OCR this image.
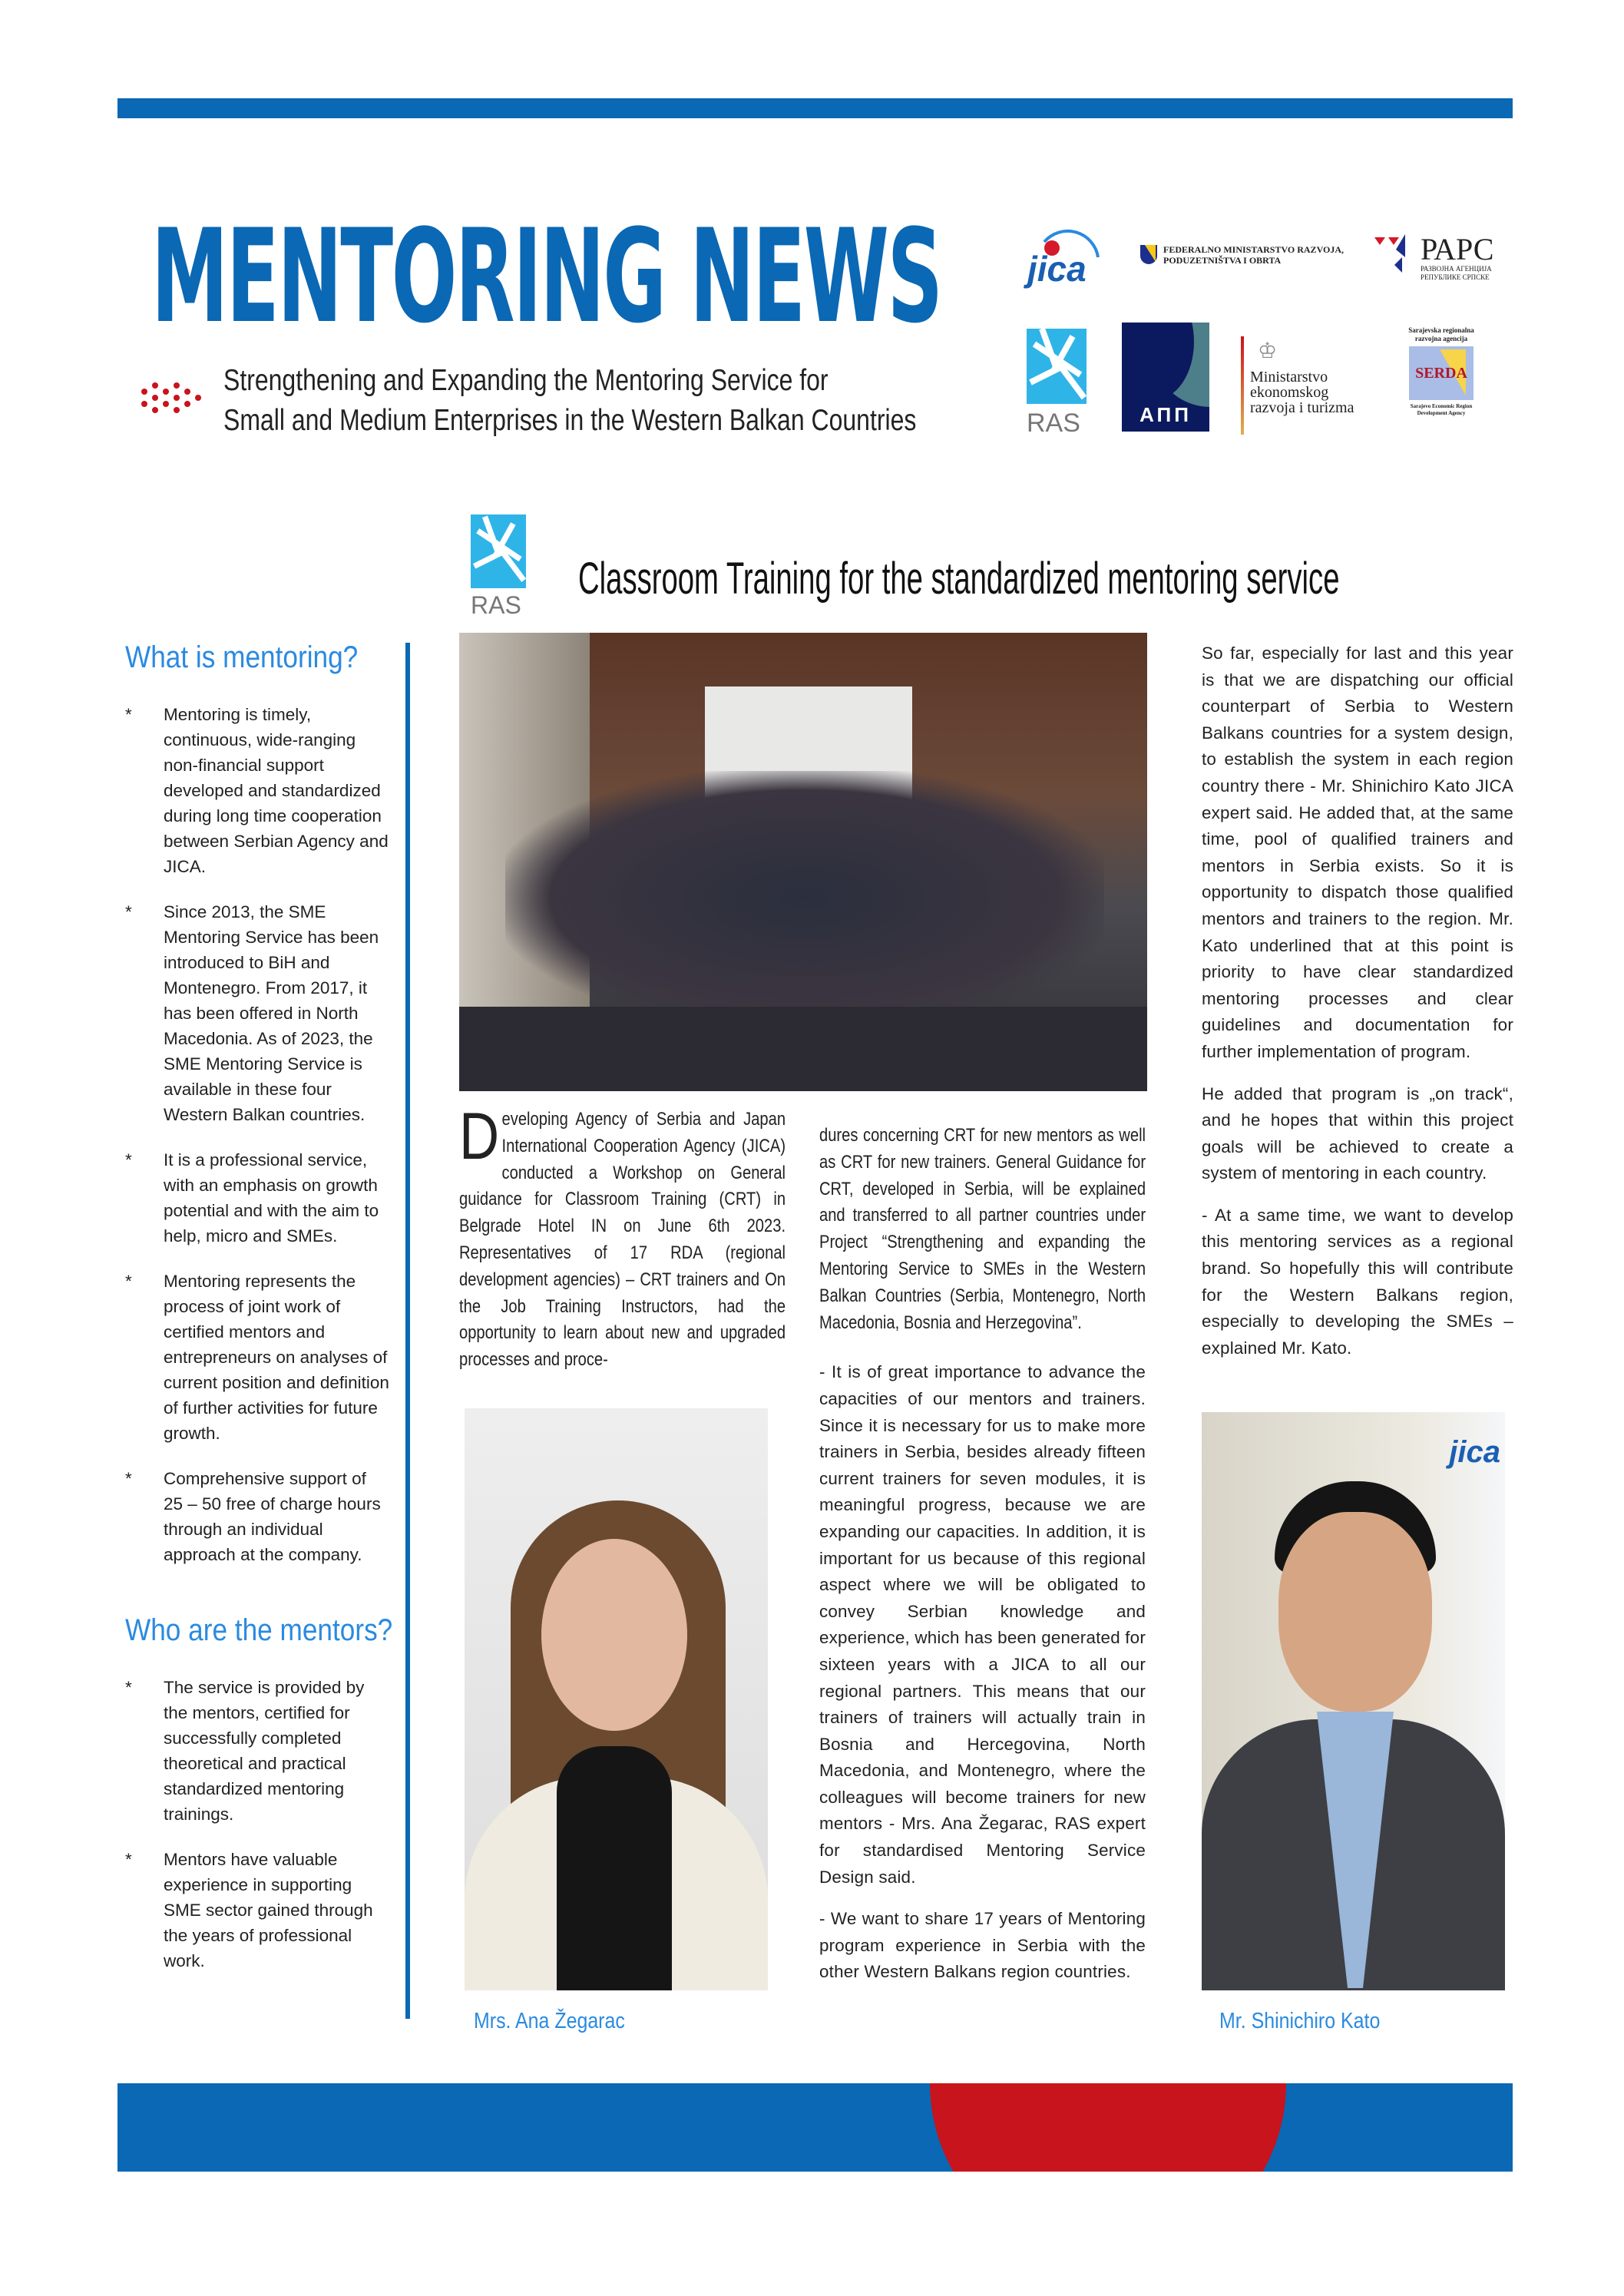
MENTORING NEWS
Strengthening and Expanding the Mentoring Service for
Small and Medium Enterprises in the Western Balkan Countries
jica	FEDERALNO MINISTARSTVO RAZVOJA, PODUZETNIŠTVA I OBRTA	РАРС
РАЗВОЈНА АГЕНЦИЈА РЕПУБЛИКЕ СРПСКЕ
RAS	АПП
♔
Ministarstvo
ekonomskog
razvoja i turizma
Sarajevska regionalna razvojna agencija
SERDA
Sarajevo Economic Region Development Agency
RAS
Classroom Training for the standardized mentoring service
What is mentoring?
* Mentoring is timely, continuous, wide-ranging non-financial support developed and standardized during long time cooperation between Serbian Agency and JICA.
* Since 2013, the SME Mentoring Service has been introduced to BiH and Montenegro. From 2017, it has been offered in North Macedonia. As of 2023, the SME Mentoring Service is available in these four Western Balkan countries.
* It is a professional service, with an emphasis on growth potential and with the aim to help, micro and SMEs.
* Mentoring represents the process of joint work of certified mentors and entrepreneurs on analyses of current position and definition of further activities for future growth.
* Comprehensive support of 25 – 50 free of charge hours through an individual approach at the company.
Who are the mentors?
* The service is provided by the mentors, certified for successfully completed theoretical and practical standardized mentoring trainings.
* Mentors have valuable experience in supporting SME sector gained through the years of professional work.
Developing Agency of Serbia and Japan International Cooperation Agency (JICA) conducted a Workshop on General guidance for Classroom Training (CRT) in Belgrade Hotel IN on June 6th 2023. Representatives of 17 RDA (regional development agencies) – CRT trainers and On the Job Training Instructors, had the opportunity to learn about new and upgraded processes and proce-
dures concerning CRT for new mentors as well as CRT for new trainers. General Guidance for CRT, developed in Serbia, will be explained and transferred to all partner countries under Project “Strengthening and expanding the Mentoring Service to SMEs in the Western Balkan Countries (Serbia, Montenegro, North Macedonia, Bosnia and Herzegovina”.

- It is of great importance to advance the capacities of our mentors and trainers. Since it is necessary for us to make more trainers in Serbia, besides already fifteen current trainers for seven modules, it is meaningful progress, because we are expanding our capacities. In addition, it is important for us because of this regional aspect where we will be obligated to convey Serbian knowledge and experience, which has been generated for sixteen years with a JICA to all our regional partners. This means that our trainers of trainers will actually train in Bosnia and Hercegovina, North Macedonia, and Montenegro, where the colleagues will become trainers for new mentors - Mrs. Ana Žegarac, RAS expert for standardised Mentoring Service Design said.

- We want to share 17 years of Mentoring program experience in Serbia with the other Western Balkans region countries.

So far, especially for last and this year is that we are dispatching our official counterpart of Serbia to Western Balkans countries for a system design, to establish the system in each region country there - Mr. Shinichiro Kato JICA expert said. He added that, at the same time, pool of qualified trainers and mentors in Serbia exists. So it is opportunity to dispatch those qualified mentors and trainers to the region. Mr. Kato underlined that at this point is priority to have clear standardized mentoring processes and clear guidelines and documentation for further implementation of program.

He added that program is „on track“, and he hopes that within this project goals will be achieved to create a system of mentoring in each country.

- At a same time, we want to develop this mentoring services as a regional brand. So hopefully this will contribute for the Western Balkans region, especially to developing the SMEs – explained Mr. Kato.

Mrs. Ana Žegarac
jica
Mr. Shinichiro Kato
